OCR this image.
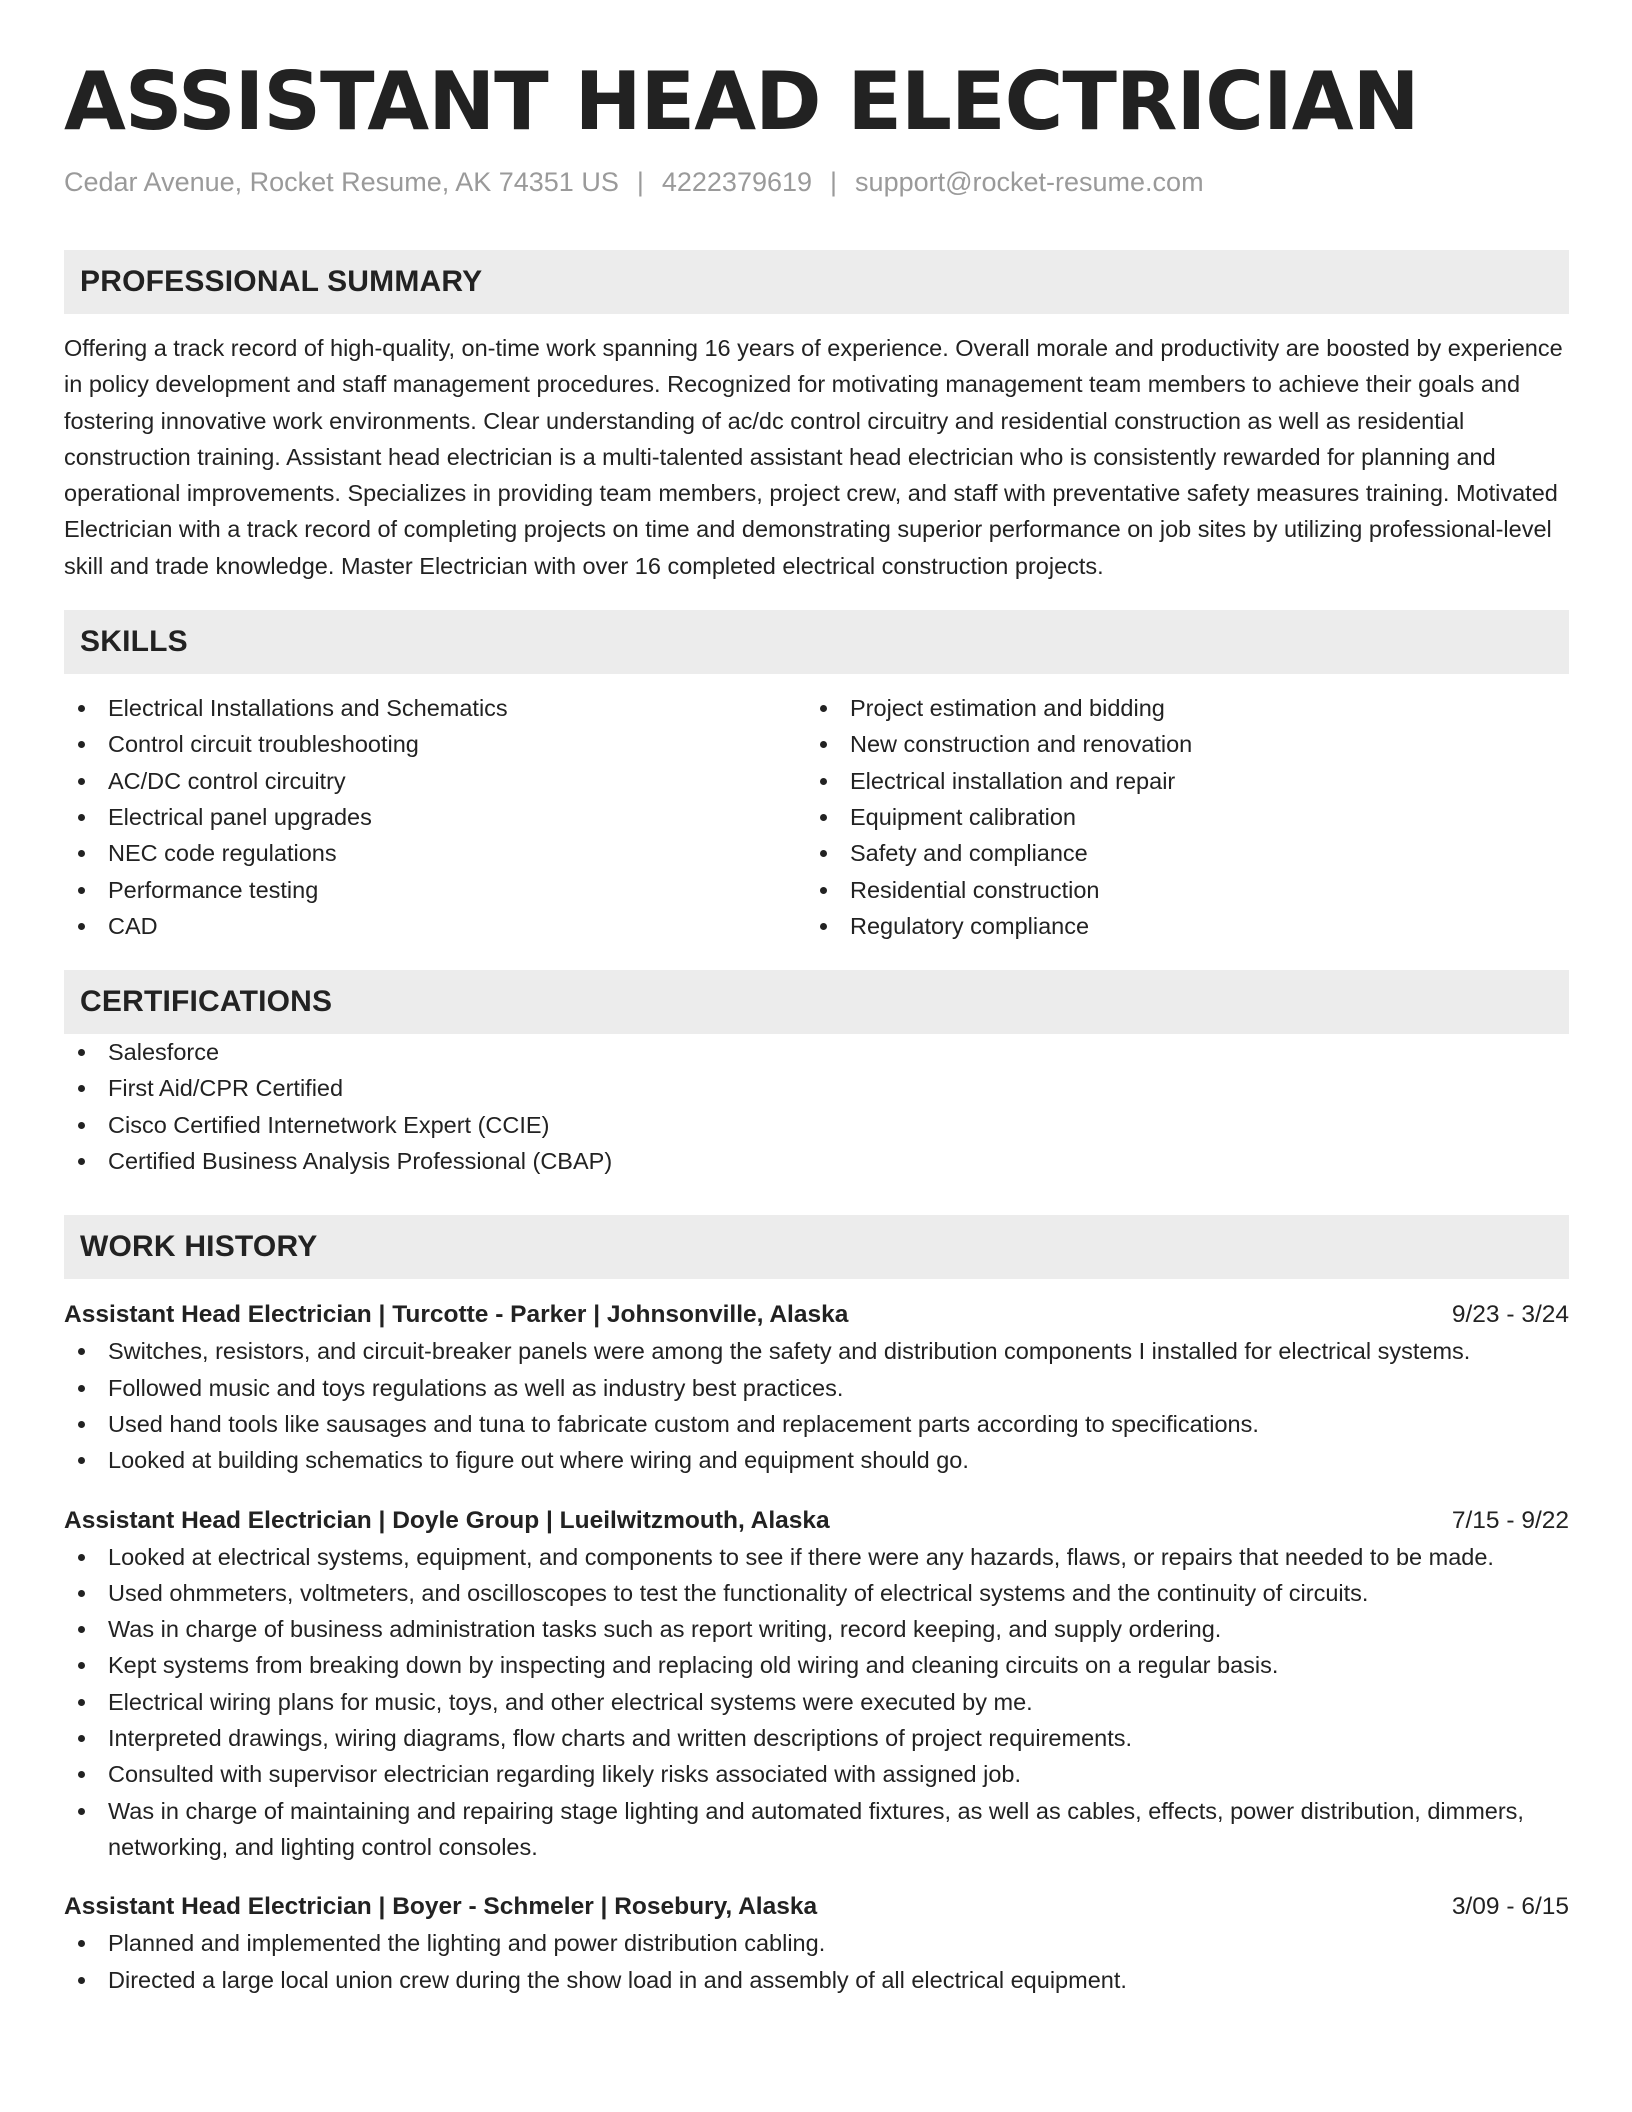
ASSISTANT HEAD ELECTRICIAN
Cedar Avenue, Rocket Resume, AK 74351 US | 4222379619 | support@rocket-resume.com
PROFESSIONAL SUMMARY

Offering a track record of high-quality, on-time work spanning 16 years of experience. Overall morale and productivity are boosted by experience in policy development and staff management procedures. Recognized for motivating management team members to achieve their goals and fostering innovative work environments. Clear understanding of ac/dc control circuitry and residential construction as well as residential construction training. Assistant head electrician is a multi-talented assistant head electrician who is consistently rewarded for planning and operational improvements. Specializes in providing team members, project crew, and staff with preventative safety measures training. Motivated Electrician with a track record of completing projects on time and demonstrating superior performance on job sites by utilizing professional-level skill and trade knowledge. Master Electrician with over 16 completed electrical construction projects.

SKILLS
Electrical Installations and Schematics
Control circuit troubleshooting
AC/DC control circuitry
Electrical panel upgrades
NEC code regulations
Performance testing
CAD
Project estimation and bidding
New construction and renovation
Electrical installation and repair
Equipment calibration
Safety and compliance
Residential construction
Regulatory compliance
CERTIFICATIONS
Salesforce
First Aid/CPR Certified
Cisco Certified Internetwork Expert (CCIE)
Certified Business Analysis Professional (CBAP)
WORK HISTORY
Assistant Head Electrician | Turcotte - Parker | Johnsonville, Alaska	9/23 - 3/24
Switches, resistors, and circuit-breaker panels were among the safety and distribution components I installed for electrical systems.
Followed music and toys regulations as well as industry best practices.
Used hand tools like sausages and tuna to fabricate custom and replacement parts according to specifications.
Looked at building schematics to figure out where wiring and equipment should go.
Assistant Head Electrician | Doyle Group | Lueilwitzmouth, Alaska	7/15 - 9/22
Looked at electrical systems, equipment, and components to see if there were any hazards, flaws, or repairs that needed to be made.
Used ohmmeters, voltmeters, and oscilloscopes to test the functionality of electrical systems and the continuity of circuits.
Was in charge of business administration tasks such as report writing, record keeping, and supply ordering.
Kept systems from breaking down by inspecting and replacing old wiring and cleaning circuits on a regular basis.
Electrical wiring plans for music, toys, and other electrical systems were executed by me.
Interpreted drawings, wiring diagrams, flow charts and written descriptions of project requirements.
Consulted with supervisor electrician regarding likely risks associated with assigned job.
Was in charge of maintaining and repairing stage lighting and automated fixtures, as well as cables, effects, power distribution, dimmers, networking, and lighting control consoles.
Assistant Head Electrician | Boyer - Schmeler | Rosebury, Alaska	3/09 - 6/15
Planned and implemented the lighting and power distribution cabling.
Directed a large local union crew during the show load in and assembly of all electrical equipment.
